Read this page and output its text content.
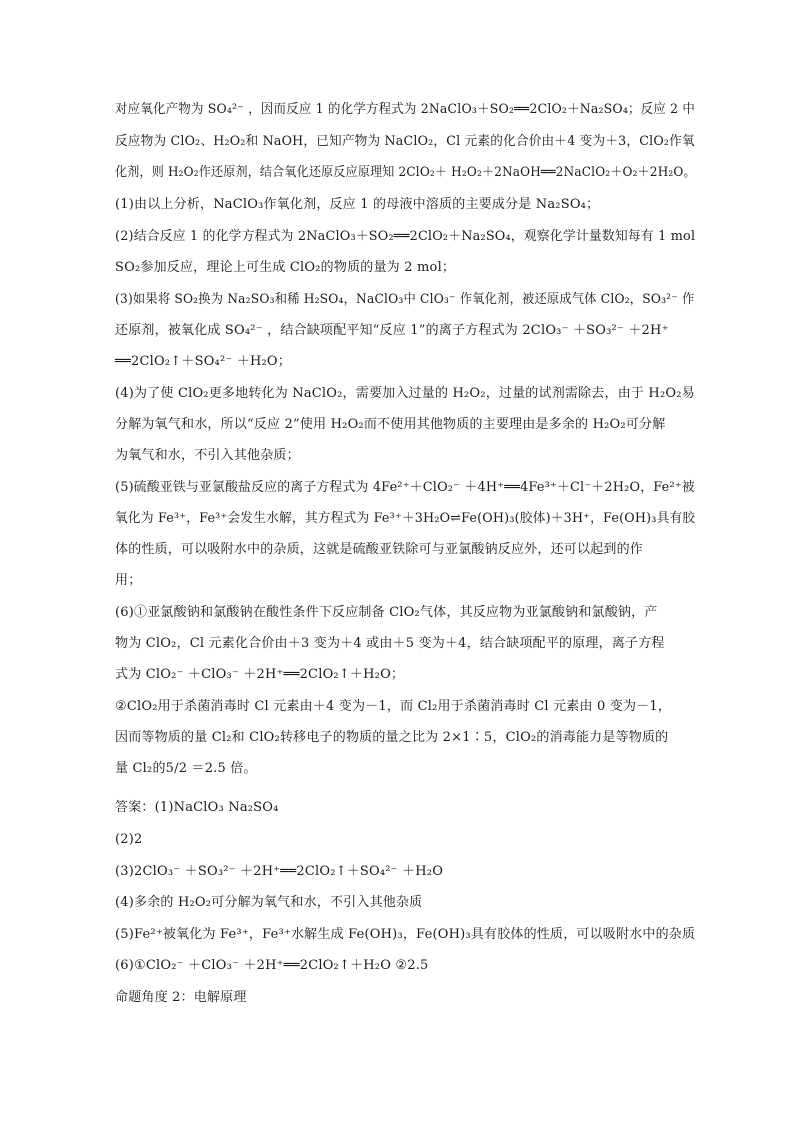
对应氧化产物为 SO₄²⁻ ，因而反应 1 的化学方程式为 2NaClO₃＋SO₂══2ClO₂＋Na₂SO₄；反应 2 中
反应物为 ClO₂、H₂O₂和 NaOH，已知产物为 NaClO₂，Cl 元素的化合价由＋4 变为＋3，ClO₂作氧
化剂，则 H₂O₂作还原剂，结合氧化还原反应原理知 2ClO₂＋ H₂O₂＋2NaOH══2NaClO₂＋O₂＋2H₂O。
(1)由以上分析，NaClO₃作氧化剂，反应 1 的母液中溶质的主要成分是 Na₂SO₄；
(2)结合反应 1 的化学方程式为 2NaClO₃＋SO₂══2ClO₂＋Na₂SO₄，观察化学计量数知每有 1 mol
SO₂参加反应，理论上可生成 ClO₂的物质的量为 2 mol；
(3)如果将 SO₂换为 Na₂SO₃和稀 H₂SO₄，NaClO₃中 ClO₃⁻ 作氧化剂，被还原成气体 ClO₂，SO₃²⁻ 作
还原剂，被氧化成 SO₄²⁻ ，结合缺项配平知“反应 1”的离子方程式为 2ClO₃⁻ ＋SO₃²⁻ ＋2H⁺
══2ClO₂↑＋SO₄²⁻ ＋H₂O；
(4)为了使 ClO₂更多地转化为 NaClO₂，需要加入过量的 H₂O₂，过量的试剂需除去，由于 H₂O₂易
分解为氧气和水，所以“反应 2”使用 H₂O₂而不使用其他物质的主要理由是多余的 H₂O₂可分解
为氧气和水，不引入其他杂质；
(5)硫酸亚铁与亚氯酸盐反应的离子方程式为 4Fe²⁺＋ClO₂⁻ ＋4H⁺══4Fe³⁺＋Cl⁻＋2H₂O，Fe²⁺被
氧化为 Fe³⁺，Fe³⁺会发生水解，其方程式为 Fe³⁺＋3H₂O⇌Fe(OH)₃(胶体)＋3H⁺，Fe(OH)₃具有胶
体的性质，可以吸附水中的杂质，这就是硫酸亚铁除可与亚氯酸钠反应外，还可以起到的作
用；
(6)①亚氯酸钠和氯酸钠在酸性条件下反应制备 ClO₂气体，其反应物为亚氯酸钠和氯酸钠，产
物为 ClO₂，Cl 元素化合价由＋3 变为＋4 或由＋5 变为＋4，结合缺项配平的原理，离子方程
式为 ClO₂⁻ ＋ClO₃⁻ ＋2H⁺══2ClO₂↑＋H₂O；
②ClO₂用于杀菌消毒时 Cl 元素由＋4 变为－1，而 Cl₂用于杀菌消毒时 Cl 元素由 0 变为－1，
因而等物质的量 Cl₂和 ClO₂转移电子的物质的量之比为 2×1∶5，ClO₂的消毒能力是等物质的
量 Cl₂的5/2 ＝2.5 倍。
答案：(1)NaClO₃ Na₂SO₄
(2)2
(3)2ClO₃⁻ ＋SO₃²⁻ ＋2H⁺══2ClO₂↑＋SO₄²⁻ ＋H₂O
(4)多余的 H₂O₂可分解为氧气和水，不引入其他杂质
(5)Fe²⁺被氧化为 Fe³⁺，Fe³⁺水解生成 Fe(OH)₃，Fe(OH)₃具有胶体的性质，可以吸附水中的杂质
(6)①ClO₂⁻ ＋ClO₃⁻ ＋2H⁺══2ClO₂↑＋H₂O ②2.5
命题角度 2：电解原理
